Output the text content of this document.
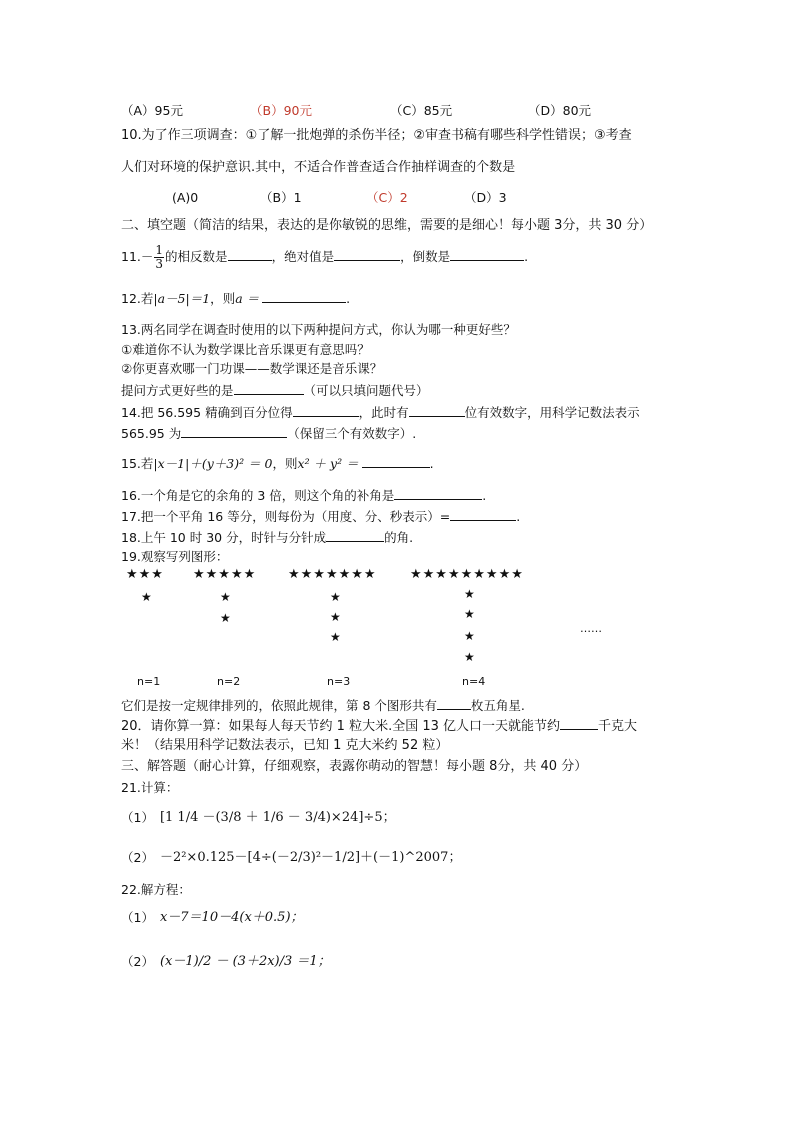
（A）95元	（B）90元	（C）85元	（D）80元
10.为了作三项调查：①了解一批炮弹的杀伤半径；②审查书稿有哪些科学性错误；③考查
人们对环境的保护意识.其中，不适合作普查适合作抽样调查的个数是
(A)0	（B）1	（C）2	（D）3
二、填空题（简洁的结果，表达的是你敏锐的思维，需要的是细心！每小题 3分，共 30 分）
$11.- \frac{1}{3}$ 的相反数是	，绝对值是	，倒数是	.
12.若|a－5|＝1，则a ＝	.
13.两名同学在调查时使用的以下两种提问方式，你认为哪一种更好些？
①难道你不认为数学课比音乐课更有意思吗？
②你更喜欢哪一门功课——数学课还是音乐课？
提问方式更好些的是	（可以只填问题代号）
14.把 56.595 精确到百分位得	，此时有	位有效数字，用科学记数法表示
565.95 为	（保留三个有效数字）.
15.若|x－1|＋(y＋3)² ＝ 0，则x² ＋ y² ＝	.
16.一个角是它的余角的 3 倍，则这个角的补角是	.
17.把一个平角 16 等分，则每份为（用度、分、秒表示）=	.
18.上午 10 时 30 分，时针与分针成	的角.
19.观察写列图形：
★★★ ★★★★★ ★★★★★★★	★★★★★★★★★
★	★
★
★
★
★
★
★
★
★
……
n=1	n=2	n=3	n=4
它们是按一定规律排列的，依照此规律，第 8 个图形共有	枚五角星.
20．请你算一算：如果每人每天节约 1 粒大米.全国 13 亿人口一天就能节约	千克大
米！（结果用科学记数法表示，已知 1 克大米约 52 粒）
三、解答题（耐心计算，仔细观察，表露你萌动的智慧！每小题 8分，共 40 分）
21.计算：
（1） [1 1/4 －(3/8 ＋ 1/6 － 3/4)×24]÷5；
（2） －2²×0.125－[4÷(－2/3)²－1/2]＋(－1)^2007；
22.解方程：
（1） x－7＝10－4(x＋0.5)；
（2） (x－1)/2 － (3＋2x)/3 ＝1；
